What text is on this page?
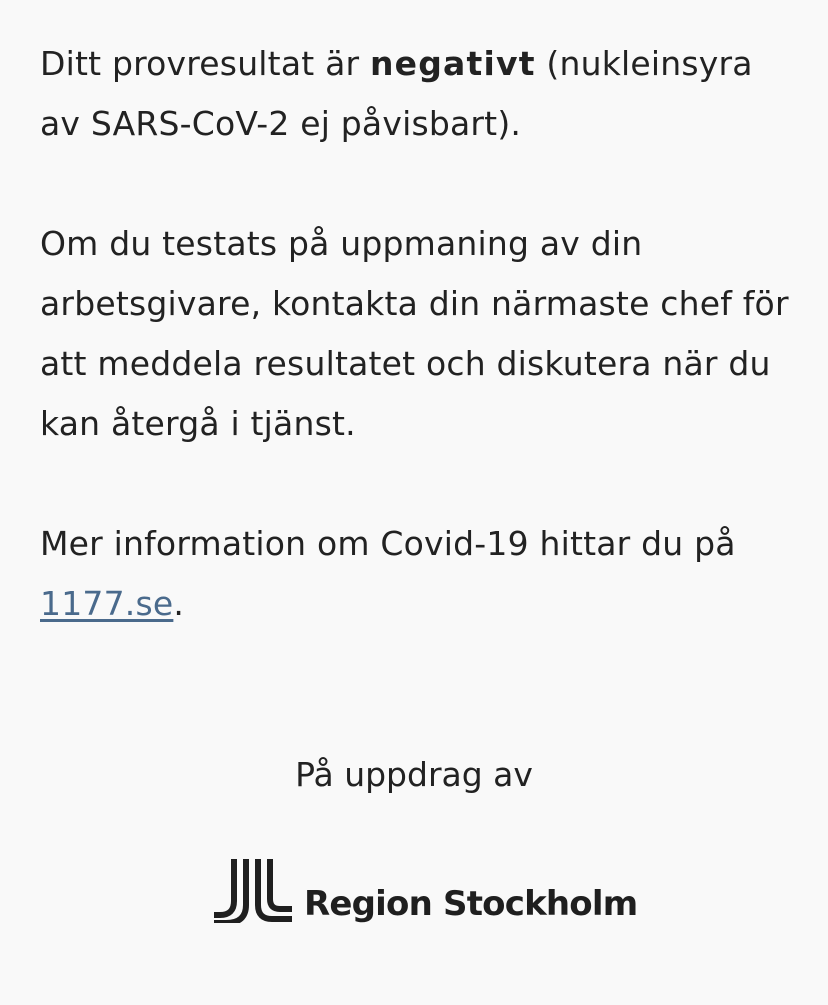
Ditt provresultat är negativt (nukleinsyra av SARS-CoV-2 ej påvisbart).

Om du testats på uppmaning av din arbetsgivare, kontakta din närmaste chef för att meddela resultatet och diskutera när du kan återgå i tjänst.

Mer information om Covid-19 hittar du på 1177.se.

På uppdrag av
Region Stockholm
